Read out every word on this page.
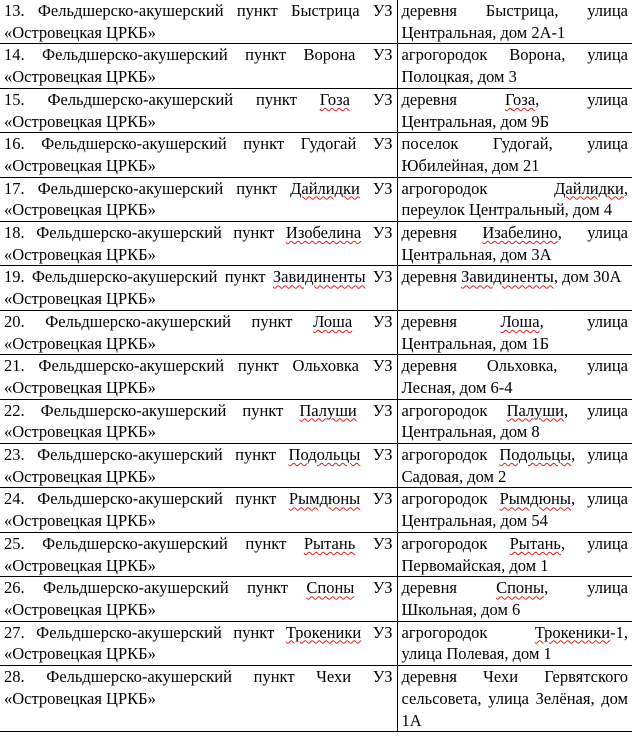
13. Фельдшерско-акушерский пункт Быстрица УЗ «Островецкая ЦРКБ»	деревня Быстрица, улица Центральная, дом 2А-1
14. Фельдшерско-акушерский пункт Ворона УЗ «Островецкая ЦРКБ»	агрогородок Ворона, улица Полоцкая, дом 3
15. Фельдшерско-акушерский пункт Гоза УЗ «Островецкая ЦРКБ»	деревня Гоза, улица Центральная, дом 9Б
16. Фельдшерско-акушерский пункт Гудогай УЗ «Островецкая ЦРКБ»	поселок Гудогай, улица Юбилейная, дом 21
17. Фельдшерско-акушерский пункт Дайлидки УЗ «Островецкая ЦРКБ»	агрогородок Дайлидки, переулок Центральный, дом 4
18. Фельдшерско-акушерский пункт Изобелина УЗ «Островецкая ЦРКБ»	деревня Изабелино, улица Центральная, дом 3А
19. Фельдшерско-акушерский пункт Завидиненты УЗ «Островецкая ЦРКБ»	деревня Завидиненты, дом 30А
20. Фельдшерско-акушерский пункт Лоша УЗ «Островецкая ЦРКБ»	деревня Лоша, улица Центральная, дом 1Б
21. Фельдшерско-акушерский пункт Ольховка УЗ «Островецкая ЦРКБ»	деревня Ольховка, улица Лесная, дом 6-4
22. Фельдшерско-акушерский пункт Палуши УЗ «Островецкая ЦРКБ»	агрогородок Палуши, улица Центральная, дом 8
23. Фельдшерско-акушерский пункт Подольцы УЗ «Островецкая ЦРКБ»	агрогородок Подольцы, улица Садовая, дом 2
24. Фельдшерско-акушерский пункт Рымдюны УЗ «Островецкая ЦРКБ»	агрогородок Рымдюны, улица Центральная, дом 54
25. Фельдшерско-акушерский пункт Рытань УЗ «Островецкая ЦРКБ»	агрогородок Рытань, улица Первомайская, дом 1
26. Фельдшерско-акушерский пункт Споны УЗ «Островецкая ЦРКБ»	деревня Споны, улица Школьная, дом 6
27. Фельдшерско-акушерский пункт Трокеники УЗ «Островецкая ЦРКБ»	агрогородок Трокеники-1, улица Полевая, дом 1
28. Фельдшерско-акушерский пункт Чехи УЗ «Островецкая ЦРКБ»	деревня Чехи Гервятского сельсовета, улица Зелёная, дом 1А
